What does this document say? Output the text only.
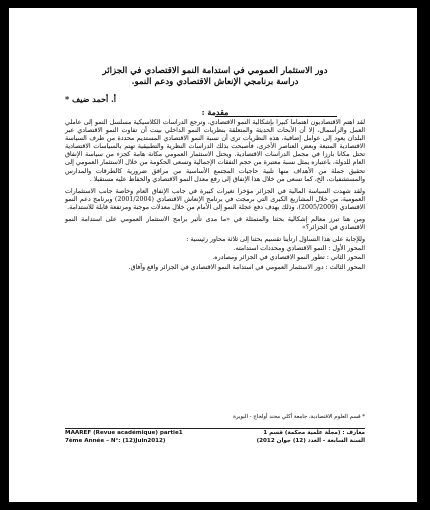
دور الاستثمار العمومي في استدامة النمو الاقتصادي في الجزائر

دراسة برنامجي الإنعاش الاقتصادي ودعم النمو.

أ. أحمد ضيف *

مقدمة :

لقد اهتم الاقتصاديون اهتماما كبيرا بإشكالية النمو الاقتصادي، وترجع الدراسات الكلاسيكية مسلسل النمو إلى عاملي العمل والرأسمال، إلا أن الأبحاث الحديثة والمتعلقة بنظريات النمو الداخلي بينت أن تفاوت النمو الاقتصادي عبر البلدان يعود إلى عوامل إضافية، هذه النظريات ترى أن نسبة النمو الاقتصادي المستديم محددة من طرف السياسة الاقتصادية المتبعة وبعض العناصر الأخرى، فأصبحت بذلك الدراسات النظرية والتطبيقية تهتم بالسياسات الاقتصادية تحتل مكانا بارزا في مجمل الدراسات الاقتصادية. ويحتل الاستثمار العمومي مكانة هامة كجزء من سياسة الإنفاق العام للدولة، باعتباره يمثل نسبة معتبرة من حجم النفقات الإجمالية وتسعى الحكومة من خلال الاستثمار العمومي إلى تحقيق جملة من الأهداف منها تلبية حاجيات المجتمع الأساسية من مرافق ضرورية كالطرقات والمدارس والمستشفيات، الخ، كما تسعى من خلال هذا الإنفاق إلى رفع معدل النمو الاقتصادي والحفاظ عليه مستقبلا .

ولقد شهدت السياسة المالية في الجزائر مؤخرا تغيرات كبيرة في جانب الإنفاق العام وخاصة جانب الاستثمارات العمومية، من خلال المشاريع الكبرى التي برمجت في برنامج الإنعاش الاقتصادي (2001/2004) وبرنامج دعم النمو الاقتصادي (2005/2009)، وذلك بهدف دفع عجلة النمو إلى الأمام من خلال معدلات موجبة ومرتفعة قابلة للاستدامة.

ومن هنا تبرز معالم إشكالية بحثنا والمتمثلة في «ما مدى تأثير برامج الاستثمار العمومي على استدامة النمو الاقتصادي في الجزائر؟»

وللإجابة على هذا التساؤل ارتأينا تقسيم بحثنا إلى ثلاثة محاور رئيسية :

المحور الأول : النمو الاقتصادي ومحددات استدامته.

المحور الثاني : تطور النمو الاقتصادي في الجزائر ومصادره.

المحور الثالث : دور الاستثمار العمومي في استدامة النمو الاقتصادي في الجزائر واقع وآفاق.

* قسم العلوم الاقتصادية، جامعة أكلي محند أولحاج - البويرة
MAAREF (Revue académique) partie1
7ème Année – N°: (12)Juin2012)
معارف : (مجلة علمية محكمة) قسم 1
السنة السابعة - العدد (12) جوان 2012)
